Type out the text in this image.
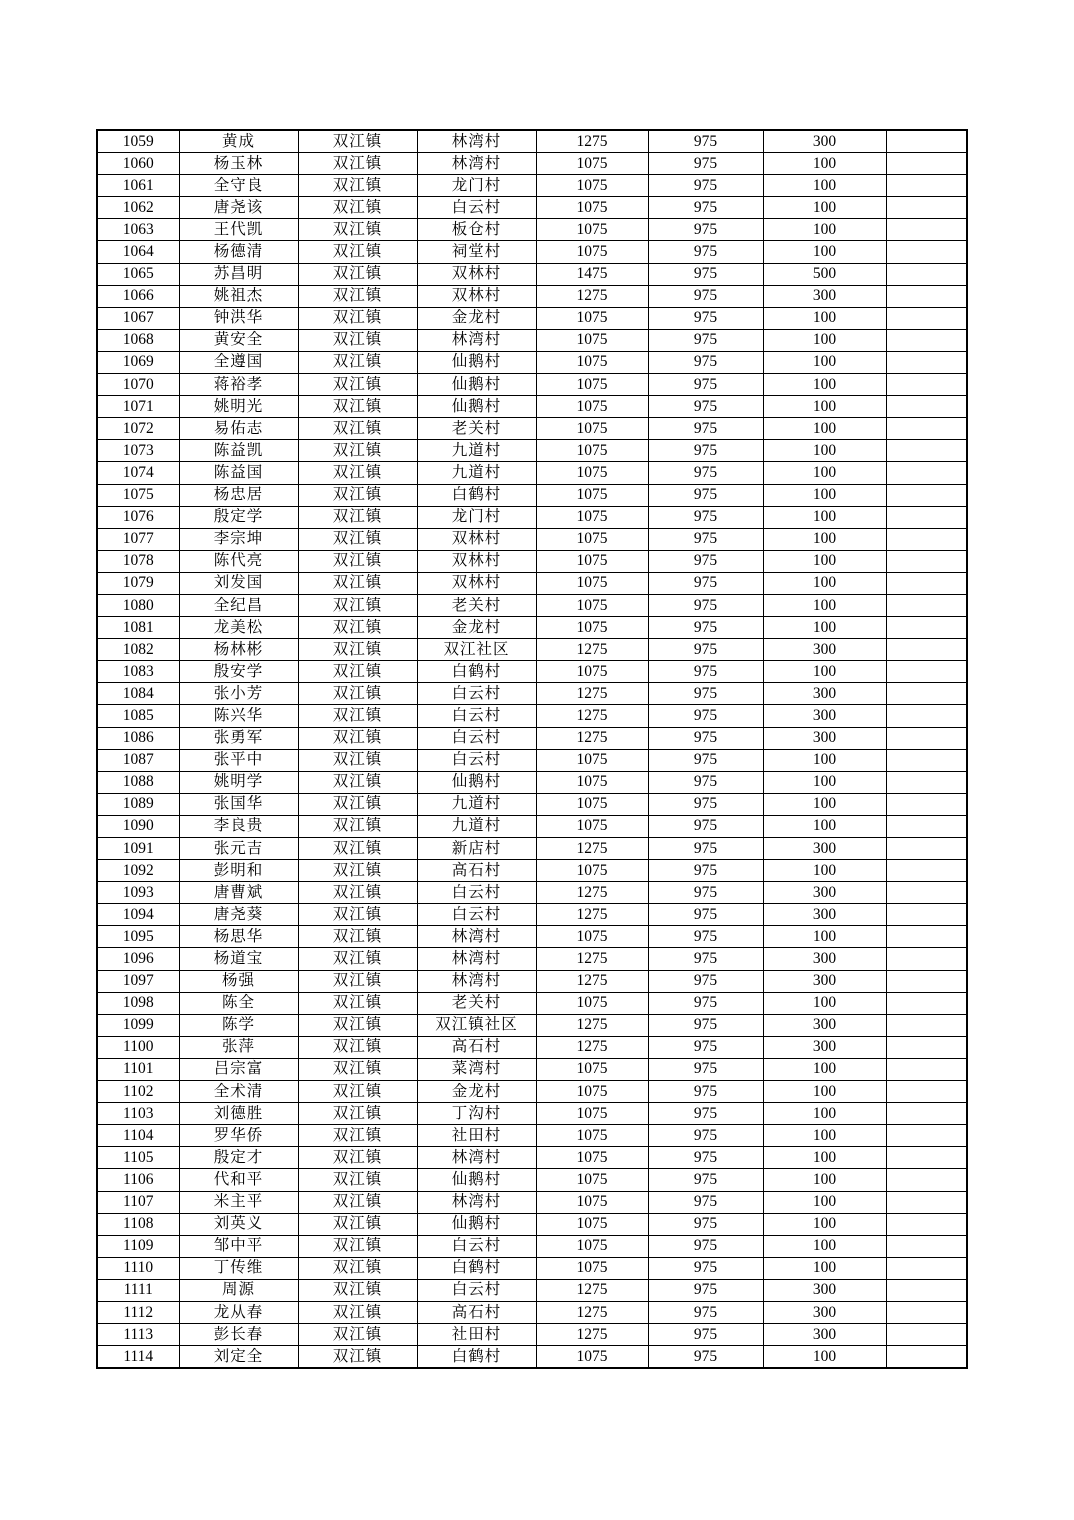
1059	黄成	双江镇	林湾村	1275	975	300	
1060	杨玉林	双江镇	林湾村	1075	975	100	
1061	全守良	双江镇	龙门村	1075	975	100	
1062	唐尧该	双江镇	白云村	1075	975	100	
1063	王代凯	双江镇	板仓村	1075	975	100	
1064	杨德清	双江镇	祠堂村	1075	975	100	
1065	苏昌明	双江镇	双林村	1475	975	500	
1066	姚祖杰	双江镇	双林村	1275	975	300	
1067	钟洪华	双江镇	金龙村	1075	975	100	
1068	黄安全	双江镇	林湾村	1075	975	100	
1069	全遵国	双江镇	仙鹅村	1075	975	100	
1070	蒋裕孝	双江镇	仙鹅村	1075	975	100	
1071	姚明光	双江镇	仙鹅村	1075	975	100	
1072	易佑志	双江镇	老关村	1075	975	100	
1073	陈益凯	双江镇	九道村	1075	975	100	
1074	陈益国	双江镇	九道村	1075	975	100	
1075	杨忠居	双江镇	白鹤村	1075	975	100	
1076	殷定学	双江镇	龙门村	1075	975	100	
1077	李宗坤	双江镇	双林村	1075	975	100	
1078	陈代亮	双江镇	双林村	1075	975	100	
1079	刘发国	双江镇	双林村	1075	975	100	
1080	全纪昌	双江镇	老关村	1075	975	100	
1081	龙美松	双江镇	金龙村	1075	975	100	
1082	杨林彬	双江镇	双江社区	1275	975	300	
1083	殷安学	双江镇	白鹤村	1075	975	100	
1084	张小芳	双江镇	白云村	1275	975	300	
1085	陈兴华	双江镇	白云村	1275	975	300	
1086	张勇军	双江镇	白云村	1275	975	300	
1087	张平中	双江镇	白云村	1075	975	100	
1088	姚明学	双江镇	仙鹅村	1075	975	100	
1089	张国华	双江镇	九道村	1075	975	100	
1090	李良贵	双江镇	九道村	1075	975	100	
1091	张元吉	双江镇	新店村	1275	975	300	
1092	彭明和	双江镇	高石村	1075	975	100	
1093	唐曹斌	双江镇	白云村	1275	975	300	
1094	唐尧葵	双江镇	白云村	1275	975	300	
1095	杨思华	双江镇	林湾村	1075	975	100	
1096	杨道宝	双江镇	林湾村	1275	975	300	
1097	杨强	双江镇	林湾村	1275	975	300	
1098	陈全	双江镇	老关村	1075	975	100	
1099	陈学	双江镇	双江镇社区	1275	975	300	
1100	张萍	双江镇	高石村	1275	975	300	
1101	吕宗富	双江镇	菜湾村	1075	975	100	
1102	全术清	双江镇	金龙村	1075	975	100	
1103	刘德胜	双江镇	丁沟村	1075	975	100	
1104	罗华侨	双江镇	社田村	1075	975	100	
1105	殷定才	双江镇	林湾村	1075	975	100	
1106	代和平	双江镇	仙鹅村	1075	975	100	
1107	米主平	双江镇	林湾村	1075	975	100	
1108	刘英义	双江镇	仙鹅村	1075	975	100	
1109	邹中平	双江镇	白云村	1075	975	100	
1110	丁传维	双江镇	白鹤村	1075	975	100	
1111	周源	双江镇	白云村	1275	975	300	
1112	龙从春	双江镇	高石村	1275	975	300	
1113	彭长春	双江镇	社田村	1275	975	300	
1114	刘定全	双江镇	白鹤村	1075	975	100	
